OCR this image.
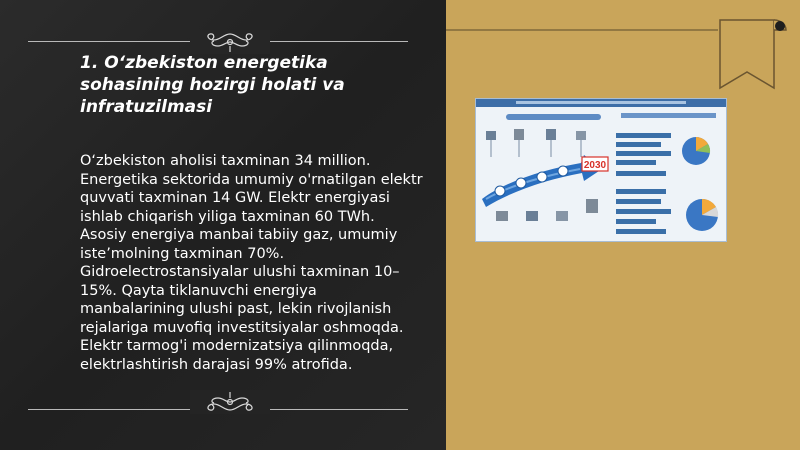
1. O‘zbekiston energetika sohasining hozirgi holati va infratuzilmasi
O‘zbekiston aholisi taxminan 34 million. Energetika sektorida umumiy o'rnatilgan elektr quvvati taxminan 14 GW. Elektr energiyasi ishlab chiqarish yiliga taxminan 60 TWh. Asosiy energiya manbai tabiiy gaz, umumiy iste’molning taxminan 70%. Gidroelectrostansiyalar ulushi taxminan 10–15%. Qayta tiklanuvchi energiya manbalarining ulushi past, lekin rivojlanish rejalariga muvofiq investitsiyalar oshmoqda. Elektr tarmog'i modernizatsiya qilinmoqda, elektrlashtirish darajasi 99% atrofida.
2030
